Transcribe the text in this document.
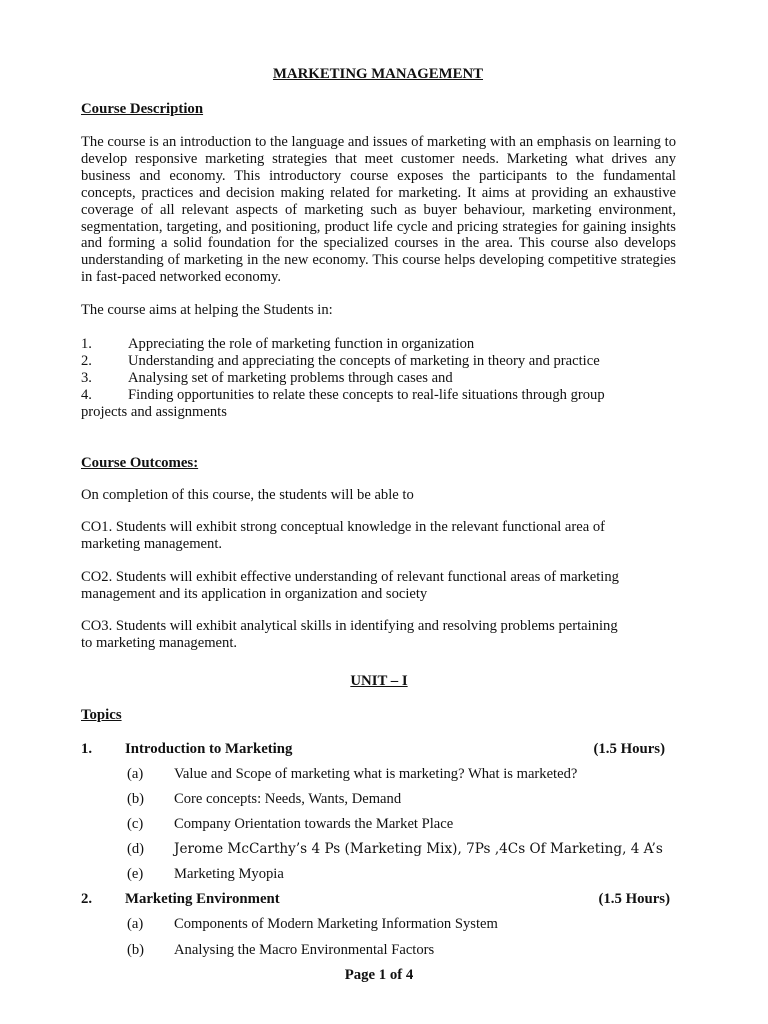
MARKETING MANAGEMENT
Course Description
The course is an introduction to the language and issues of marketing with an emphasis on learning to develop responsive marketing strategies that meet customer needs. Marketing what drives any business and economy. This introductory course exposes the participants to the fundamental concepts, practices and decision making related for marketing. It aims at providing an exhaustive coverage of all relevant aspects of marketing such as buyer behaviour, marketing environment, segmentation, targeting, and positioning, product life cycle and pricing strategies for gaining insights and forming a solid foundation for the specialized courses in the area. This course also develops understanding of marketing in the new economy. This course helps developing competitive strategies in fast-paced networked economy.
The course aims at helping the Students in:
1. Appreciating the role of marketing function in organization
2. Understanding and appreciating the concepts of marketing in theory and practice
3. Analysing set of marketing problems through cases and
4. Finding opportunities to relate these concepts to real-life situations through group
projects and assignments
Course Outcomes:
On completion of this course, the students will be able to
CO1. Students will exhibit strong conceptual knowledge in the relevant functional area of
marketing management.
CO2. Students will exhibit effective understanding of relevant functional areas of marketing
management and its application in organization and society
CO3. Students will exhibit analytical skills in identifying and resolving problems pertaining
to marketing management.
UNIT – I
Topics
1. Introduction to Marketing	(1.5 Hours)
(a) Value and Scope of marketing what is marketing? What is marketed?
(b) Core concepts: Needs, Wants, Demand
(c) Company Orientation towards the Market Place
(d) Jerome McCarthy’s 4 Ps (Marketing Mix), 7Ps ,4Cs Of Marketing, 4 A’s
(e) Marketing Myopia
2. Marketing Environment	(1.5 Hours)
(a) Components of Modern Marketing Information System
(b) Analysing the Macro Environmental Factors
Page 1 of 4
